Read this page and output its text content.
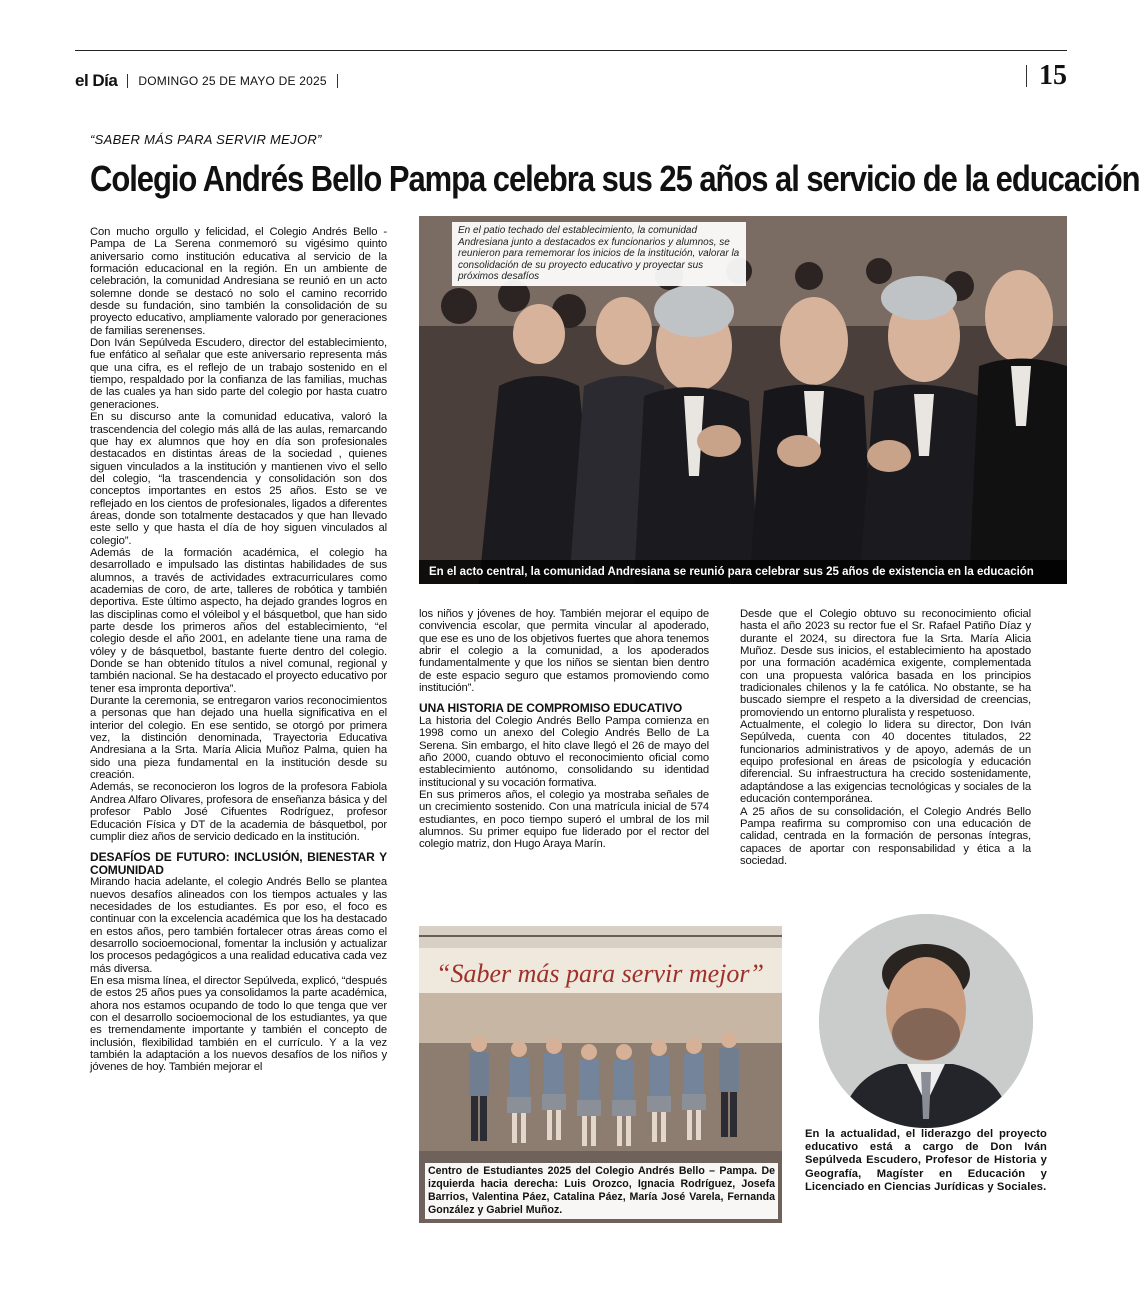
el Día DOMINGO 25 DE MAYO DE 2025	15
“SABER MÁS PARA SERVIR MEJOR”
Colegio Andrés Bello Pampa celebra sus 25 años al servicio de la educación

Con mucho orgullo y felicidad, el Colegio Andrés Bello - Pampa de La Serena conmemoró su vigésimo quinto aniversario como institución educativa al servicio de la formación educacional en la región. En un ambiente de celebración, la comunidad Andresiana se reunió en un acto solemne donde se destacó no solo el camino recorrido desde su fundación, sino también la consolidación de su proyecto educativo, ampliamente valorado por generaciones de familias serenenses.

Don Iván Sepúlveda Escudero, director del establecimiento, fue enfático al señalar que este aniversario representa más que una cifra, es el reflejo de un trabajo sostenido en el tiempo, respaldado por la confianza de las familias, muchas de las cuales ya han sido parte del colegio por hasta cuatro generaciones.

En su discurso ante la comunidad educativa, valoró la trascendencia del colegio más allá de las aulas, remarcando que hay ex alumnos que hoy en día son profesionales destacados en distintas áreas de la sociedad , quienes siguen vinculados a la institución y mantienen vivo el sello del colegio, “la trascendencia y consolidación son dos conceptos importantes en estos 25 años. Esto se ve reflejado en los cientos de profesionales, ligados a diferentes áreas, donde son totalmente destacados y que han llevado este sello y que hasta el día de hoy siguen vinculados al colegio”.

Además de la formación académica, el colegio ha desarrollado e impulsado las distintas habilidades de sus alumnos, a través de actividades extracurriculares como academias de coro, de arte, talleres de robótica y también deportiva. Este último aspecto, ha dejado grandes logros en las disciplinas como el vóleibol y el básquetbol, que han sido parte desde los primeros años del establecimiento, “el colegio desde el año 2001, en adelante tiene una rama de vóley y de básquetbol, bastante fuerte dentro del colegio. Donde se han obtenido títulos a nivel comunal, regional y también nacional. Se ha destacado el proyecto educativo por tener esa impronta deportiva”.

Durante la ceremonia, se entregaron varios reconocimientos a personas que han dejado una huella significativa en el interior del colegio. En ese sentido, se otorgó por primera vez, la distinción denominada, Trayectoria Educativa Andresiana a la Srta. María Alicia Muñoz Palma, quien ha sido una pieza fundamental en la institución desde su creación.

Además, se reconocieron los logros de la profesora Fabiola Andrea Alfaro Olivares, profesora de enseñanza básica y del profesor Pablo José Cifuentes Rodríguez, profesor Educación Física y DT de la academia de básquetbol, por cumplir diez años de servicio dedicado en la institución.

DESAFÍOS DE FUTURO: INCLUSIÓN, BIENESTAR Y COMUNIDAD

Mirando hacia adelante, el colegio Andrés Bello se plantea nuevos desafíos alineados con los tiempos actuales y las necesidades de los estudiantes. Es por eso, el foco es continuar con la excelencia académica que los ha destacado en estos años, pero también fortalecer otras áreas como el desarrollo socioemocional, fomentar la inclusión y actualizar los procesos pedagógicos a una realidad educativa cada vez más diversa.

En esa misma línea, el director Sepúlveda, explicó, “después de estos 25 años pues ya consolidamos la parte académica, ahora nos estamos ocupando de todo lo que tenga que ver con el desarrollo socioemocional de los estudiantes, ya que es tremendamente importante y también el concepto de inclusión, flexibilidad también en el currículo. Y a la vez también la adaptación a los nuevos desafíos de los niños y jóvenes de hoy. También mejorar el

En el patio techado del establecimiento, la comunidad Andresiana junto a destacados ex funcionarios y alumnos, se reunieron para rememorar los inicios de la institución, valorar la consolidación de su proyecto educativo y proyectar sus próximos desafíos
En el acto central, la comunidad Andresiana se reunió para celebrar sus 25 años de existencia en la educación

los niños y jóvenes de hoy. También mejorar el equipo de convivencia escolar, que permita vincular al apoderado, que ese es uno de los objetivos fuertes que ahora tenemos abrir el colegio a la comunidad, a los apoderados fundamentalmente y que los niños se sientan bien dentro de este espacio seguro que estamos promoviendo como institución”.

UNA HISTORIA DE COMPROMISO EDUCATIVO

La historia del Colegio Andrés Bello Pampa comienza en 1998 como un anexo del Colegio Andrés Bello de La Serena. Sin embargo, el hito clave llegó el 26 de mayo del año 2000, cuando obtuvo el reconocimiento oficial como establecimiento autónomo, consolidando su identidad institucional y su vocación formativa.

En sus primeros años, el colegio ya mostraba señales de un crecimiento sostenido. Con una matrícula inicial de 574 estudiantes, en poco tiempo superó el umbral de los mil alumnos. Su primer equipo fue liderado por el rector del colegio matriz, don Hugo Araya Marín.

Desde que el Colegio obtuvo su reconocimiento oficial hasta el año 2023 su rector fue el Sr. Rafael Patiño Díaz y durante el 2024, su directora fue la Srta. María Alicia Muñoz. Desde sus inicios, el establecimiento ha apostado por una formación académica exigente, complementada con una propuesta valórica basada en los principios tradicionales chilenos y la fe católica. No obstante, se ha buscado siempre el respeto a la diversidad de creencias, promoviendo un entorno pluralista y respetuoso.

Actualmente, el colegio lo lidera su director, Don Iván Sepúlveda, cuenta con 40 docentes titulados, 22 funcionarios administrativos y de apoyo, además de un equipo profesional en áreas de psicología y educación diferencial. Su infraestructura ha crecido sostenidamente, adaptándose a las exigencias tecnológicas y sociales de la educación contemporánea.

A 25 años de su consolidación, el Colegio Andrés Bello Pampa reafirma su compromiso con una educación de calidad, centrada en la formación de personas íntegras, capaces de aportar con responsabilidad y ética a la sociedad.

“Saber más para servir mejor”
Centro de Estudiantes 2025 del Colegio Andrés Bello – Pampa. De izquierda hacia derecha: Luis Orozco, Ignacia Rodríguez, Josefa Barrios, Valentina Páez, Catalina Páez, María José Varela, Fernanda González y Gabriel Muñoz.
En la actualidad, el liderazgo del proyecto educativo está a cargo de Don Iván Sepúlveda Escudero, Profesor de Historia y Geografía, Magíster en Educación y Licenciado en Ciencias Jurídicas y Sociales.
